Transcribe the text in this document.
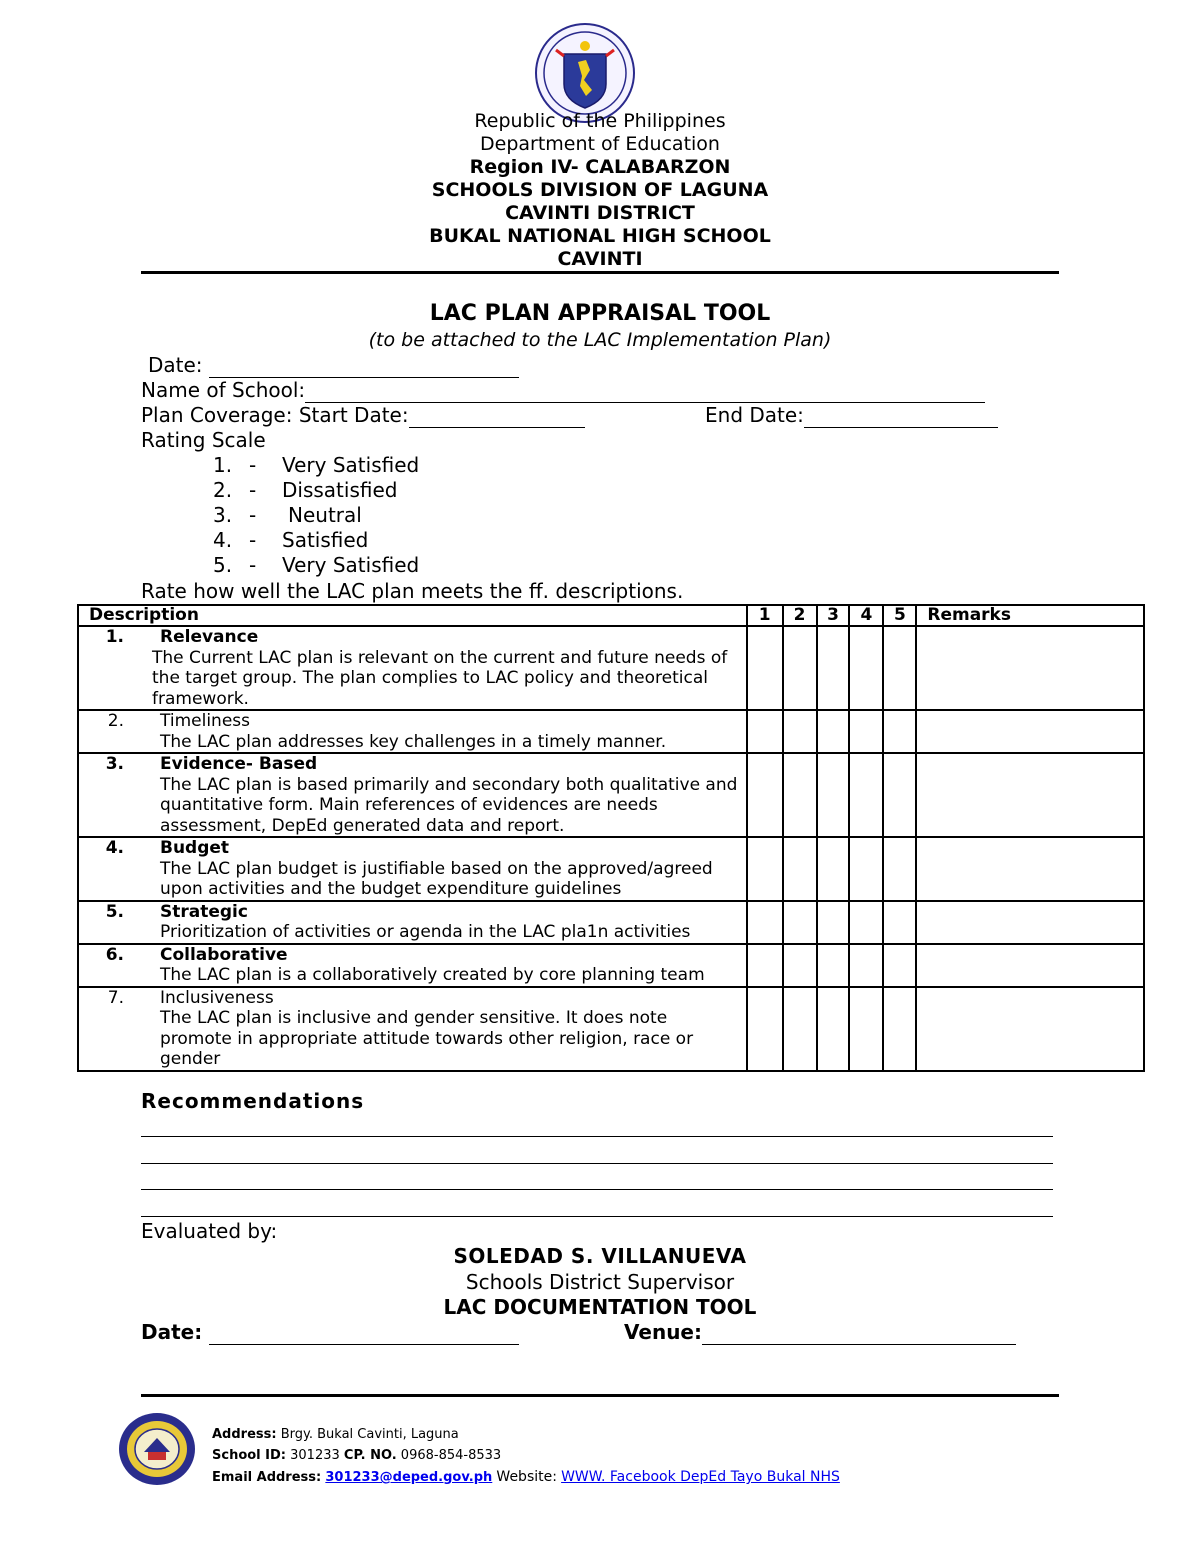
Republic of the Philippines
Department of Education
Region IV- CALABARZON
SCHOOLS DIVISION OF LAGUNA
CAVINTI DISTRICT
BUKAL NATIONAL HIGH SCHOOL
CAVINTI
LAC PLAN APPRAISAL TOOL
(to be attached to the LAC Implementation Plan)
Date:
Name of School:
Plan Coverage: Start Date:	End Date:
Rating Scale
1. - Very Satisfied
2. - Dissatisfied
3. - Neutral
4. - Satisfied
5. - Very Satisfied
Rate how well the LAC plan meets the ff. descriptions.
Description	1	2	3	4	5	Remarks

1. Relevance
The Current LAC plan is relevant on the current and future needs of the target group. The plan complies to LAC policy and theoretical framework.						

2. Timeliness
The LAC plan addresses key challenges in a timely manner.						

3. Evidence- Based
The LAC plan is based primarily and secondary both qualitative and quantitative form. Main references of evidences are needs assessment, DepEd generated data and report.						

4. Budget
The LAC plan budget is justifiable based on the approved/agreed upon activities and the budget expenditure guidelines						

5. Strategic
Prioritization of activities or agenda in the LAC pla1n activities						

6. Collaborative
The LAC plan is a collaboratively created by core planning team						

7. Inclusiveness
The LAC plan is inclusive and gender sensitive. It does note promote in appropriate attitude towards other religion, race or gender						

Recommendations
Evaluated by:
SOLEDAD S. VILLANUEVA
Schools District Supervisor
LAC DOCUMENTATION TOOL
Date:	Venue:
Address: Brgy. Bukal Cavinti, Laguna
School ID: 301233 CP. NO. 0968-854-8533
Email Address: 301233@deped.gov.ph Website: WWW. Facebook DepEd Tayo Bukal NHS
